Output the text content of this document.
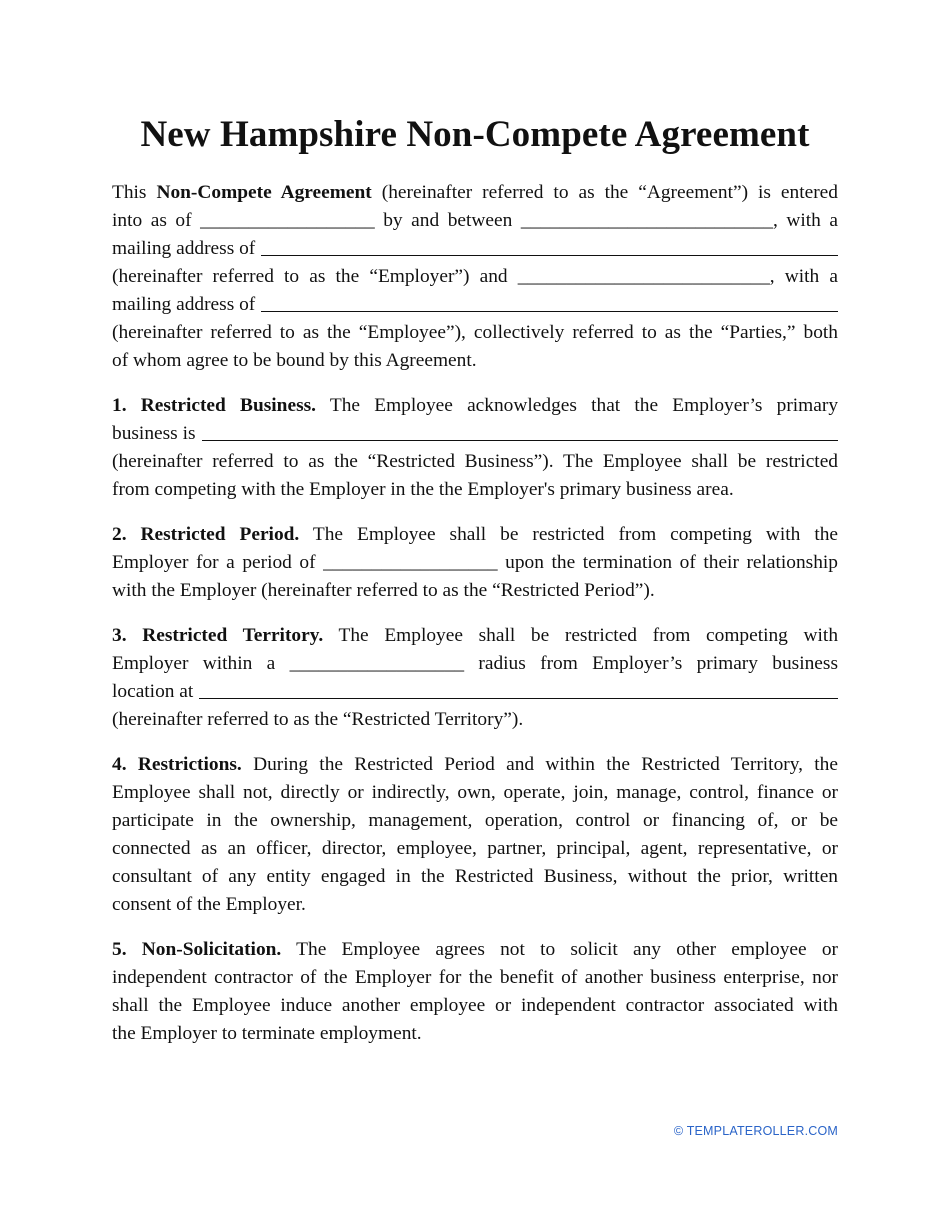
New Hampshire Non-Compete Agreement
This Non-Compete Agreement (hereinafter referred to as the “Agreement”) is entered
into as of __________________ by and between __________________________, with a
mailing address of
(hereinafter referred to as the “Employer”) and __________________________, with a
mailing address of
(hereinafter referred to as the “Employee”), collectively referred to as the “Parties,” both
of whom agree to be bound by this Agreement.
1. Restricted Business. The Employee acknowledges that the Employer’s primary
business is
(hereinafter referred to as the “Restricted Business”). The Employee shall be restricted
from competing with the Employer in the the Employer's primary business area.
2. Restricted Period. The Employee shall be restricted from competing with the
Employer for a period of __________________ upon the termination of their relationship
with the Employer (hereinafter referred to as the “Restricted Period”).
3. Restricted Territory. The Employee shall be restricted from competing with
Employer within a __________________ radius from Employer’s primary business
location at
(hereinafter referred to as the “Restricted Territory”).
4. Restrictions. During the Restricted Period and within the Restricted Territory, the
Employee shall not, directly or indirectly, own, operate, join, manage, control, finance or
participate in the ownership, management, operation, control or financing of, or be
connected as an officer, director, employee, partner, principal, agent, representative, or
consultant of any entity engaged in the Restricted Business, without the prior, written
consent of the Employer.
5. Non-Solicitation. The Employee agrees not to solicit any other employee or
independent contractor of the Employer for the benefit of another business enterprise, nor
shall the Employee induce another employee or independent contractor associated with
the Employer to terminate employment.
© TEMPLATEROLLER.COM
